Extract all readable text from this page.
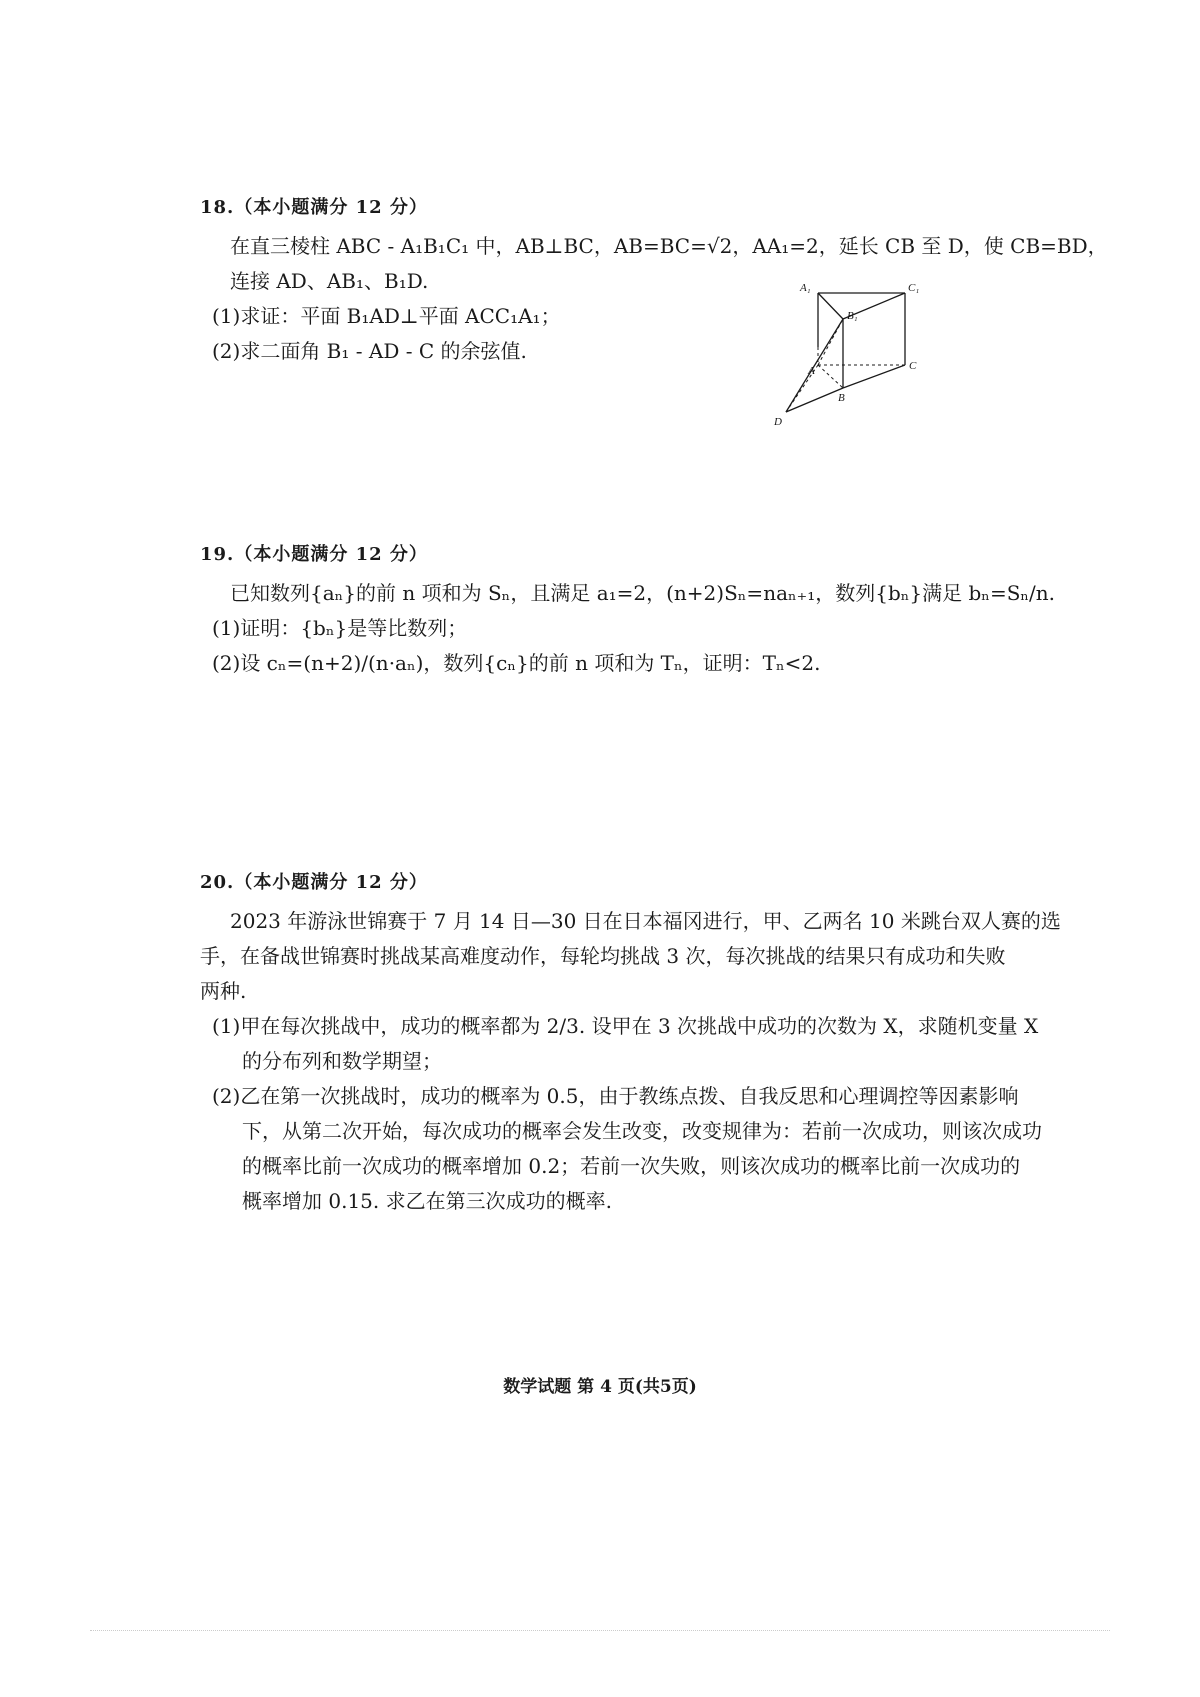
18.（本小题满分 12 分）

在直三棱柱 ABC - A₁B₁C₁ 中，AB⊥BC，AB=BC=√2，AA₁=2，延长 CB 至 D，使 CB=BD，

连接 AD、AB₁、B₁D.

(1)求证：平面 B₁AD⊥平面 ACC₁A₁；

(2)求二面角 B₁ - AD - C 的余弦值.

A₁	C₁
B₁
A
B
C
D

19.（本小题满分 12 分）

已知数列{aₙ}的前 n 项和为 Sₙ，且满足 a₁=2，(n+2)Sₙ=naₙ₊₁，数列{bₙ}满足 bₙ=Sₙ/n.

(1)证明：{bₙ}是等比数列；

(2)设 cₙ=(n+2)/(n·aₙ)，数列{cₙ}的前 n 项和为 Tₙ，证明：Tₙ<2.

20.（本小题满分 12 分）

2023 年游泳世锦赛于 7 月 14 日—30 日在日本福冈进行，甲、乙两名 10 米跳台双人赛的选

手，在备战世锦赛时挑战某高难度动作，每轮均挑战 3 次，每次挑战的结果只有成功和失败

两种.

(1)甲在每次挑战中，成功的概率都为 2/3. 设甲在 3 次挑战中成功的次数为 X，求随机变量 X

的分布列和数学期望；

(2)乙在第一次挑战时，成功的概率为 0.5，由于教练点拨、自我反思和心理调控等因素影响

下，从第二次开始，每次成功的概率会发生改变，改变规律为：若前一次成功，则该次成功

的概率比前一次成功的概率增加 0.2；若前一次失败，则该次成功的概率比前一次成功的

概率增加 0.15. 求乙在第三次成功的概率.

数学试题 第 4 页(共5页)
